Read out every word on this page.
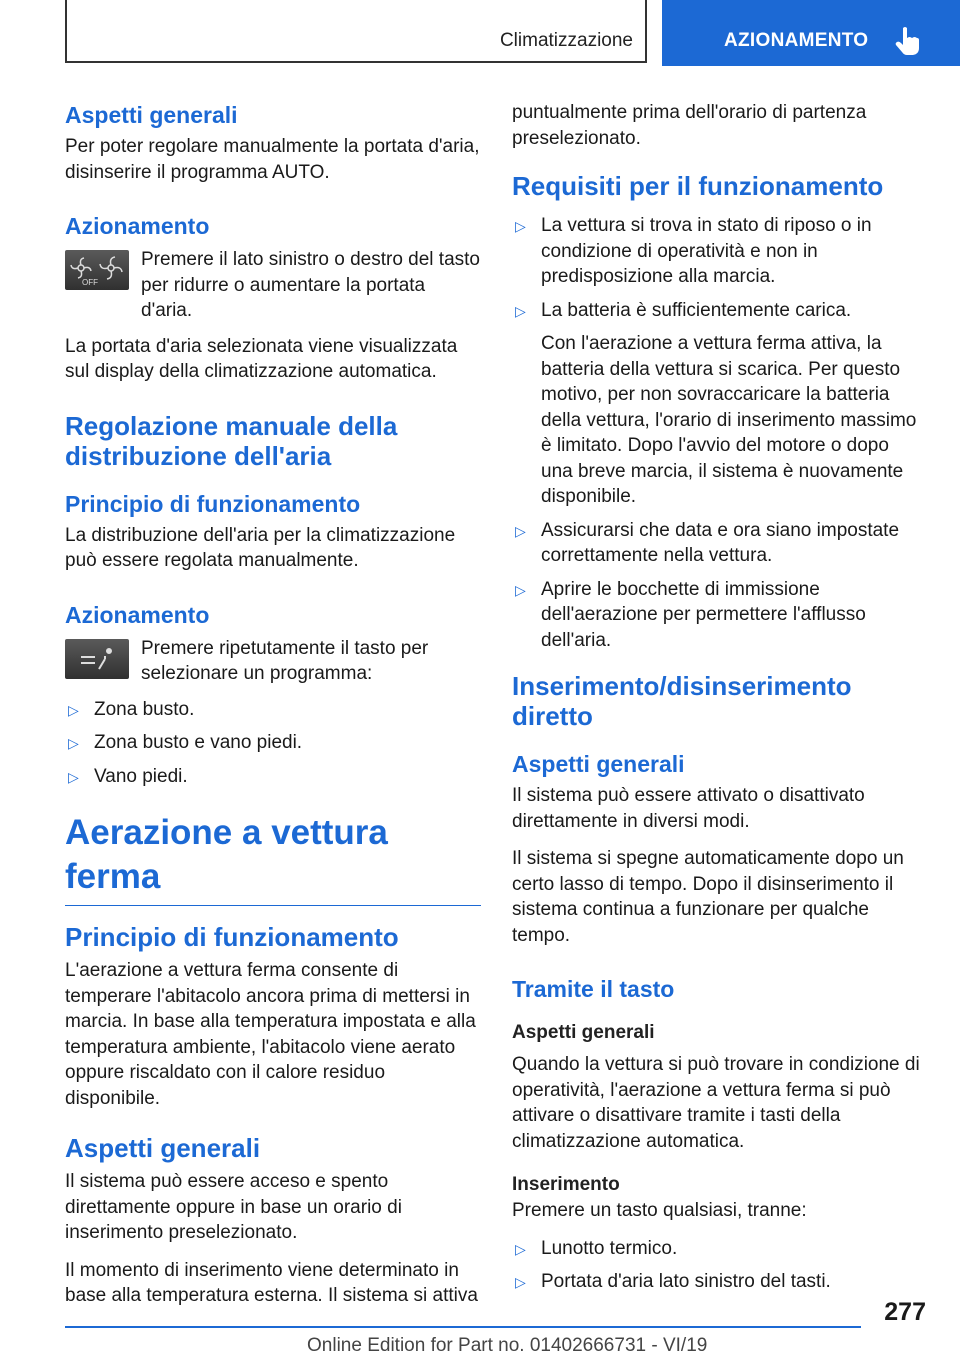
Climatizzazione	AZIONAMENTO
Aspetti generali

Per poter regolare manualmente la portata d'aria, disinserire il programma AUTO.

Azionamento
OFF

Premere il lato sinistro o destro del tasto per ridurre o aumentare la portata d'aria.

La portata d'aria selezionata viene visualizzata sul display della climatizzazione automatica.

Regolazione manuale della distribuzione dell'aria
Principio di funzionamento

La distribuzione dell'aria per la climatizzazione può essere regolata manualmente.

Azionamento

Premere ripetutamente il tasto per selezionare un programma:

▷ Zona busto.
▷ Zona busto e vano piedi.
▷ Vano piedi.
Aerazione a vettura ferma
Principio di funzionamento

L'aerazione a vettura ferma consente di temperare l'abitacolo ancora prima di mettersi in marcia. In base alla temperatura impostata e alla temperatura ambiente, l'abitacolo viene aerato oppure riscaldato con il calore residuo disponibile.

Aspetti generali

Il sistema può essere acceso e spento direttamente oppure in base un orario di inserimento preselezionato.

Il momento di inserimento viene determinato in base alla temperatura esterna. Il sistema si attiva

puntualmente prima dell'orario di partenza preselezionato.

Requisiti per il funzionamento
▷ La vettura si trova in stato di riposo o in condizione di operatività e non in predisposizione alla marcia.

▷ La batteria è sufficientemente carica.

Con l'aerazione a vettura ferma attiva, la batteria della vettura si scarica. Per questo motivo, per non sovraccaricare la batteria della vettura, l'orario di inserimento massimo è limitato. Dopo l'avvio del motore o dopo una breve marcia, il sistema è nuovamente disponibile.

▷ Assicurarsi che data e ora siano impostate correttamente nella vettura.

▷ Aprire le bocchette di immissione dell'aerazione per permettere l'afflusso dell'aria.

Inserimento/disinserimento diretto
Aspetti generali

Il sistema può essere attivato o disattivato direttamente in diversi modi.

Il sistema si spegne automaticamente dopo un certo lasso di tempo. Dopo il disinserimento il sistema continua a funzionare per qualche tempo.

Tramite il tasto
Aspetti generali

Quando la vettura si può trovare in condizione di operatività, l'aerazione a vettura ferma si può attivare o disattivare tramite i tasti della climatizzazione automatica.

Inserimento

Premere un tasto qualsiasi, tranne:

▷ Lunotto termico.
▷ Portata d'aria lato sinistro del tasti.
277
Online Edition for Part no. 01402666731 - VI/19
